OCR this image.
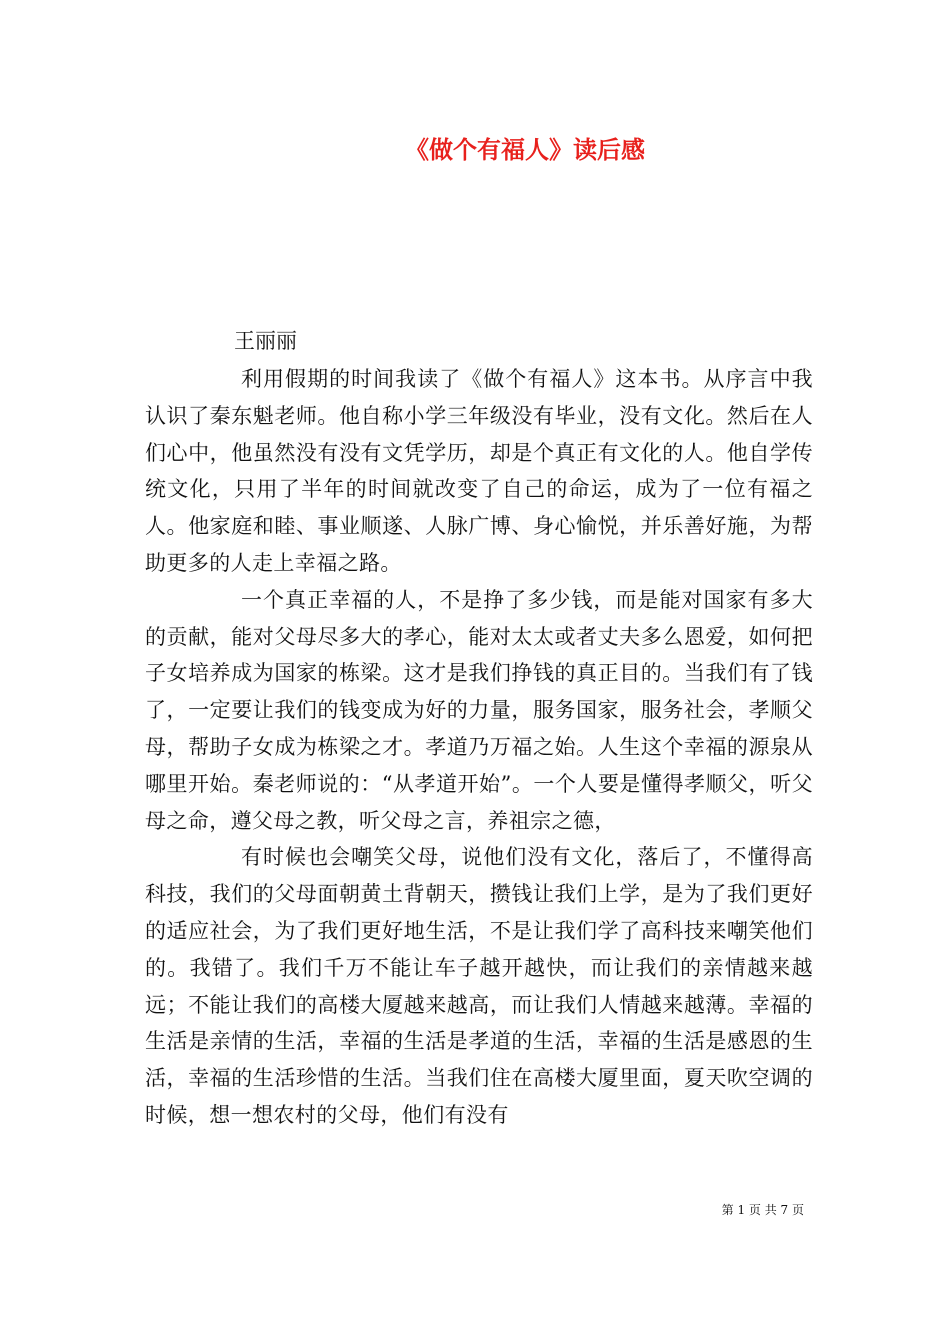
《做个有福人》读后感

王丽丽

利用假期的时间我读了《做个有福人》这本书。从序言中我认识了秦东魁老师。他自称小学三年级没有毕业，没有文化。然后在人们心中，他虽然没有没有文凭学历，却是个真正有文化的人。他自学传统文化，只用了半年的时间就改变了自己的命运，成为了一位有福之人。他家庭和睦、事业顺遂、人脉广博、身心愉悦，并乐善好施，为帮助更多的人走上幸福之路。

一个真正幸福的人，不是挣了多少钱，而是能对国家有多大的贡献，能对父母尽多大的孝心，能对太太或者丈夫多么恩爱，如何把子女培养成为国家的栋梁。这才是我们挣钱的真正目的。当我们有了钱了，一定要让我们的钱变成为好的力量，服务国家，服务社会，孝顺父母，帮助子女成为栋梁之才。孝道乃万福之始。人生这个幸福的源泉从哪里开始。秦老师说的：“从孝道开始”。一个人要是懂得孝顺父，听父母之命，遵父母之教，听父母之言，养祖宗之德，

有时候也会嘲笑父母，说他们没有文化，落后了，不懂得高科技，我们的父母面朝黄土背朝天，攒钱让我们上学，是为了我们更好的适应社会，为了我们更好地生活，不是让我们学了高科技来嘲笑他们的。我错了。我们千万不能让车子越开越快，而让我们的亲情越来越远；不能让我们的高楼大厦越来越高，而让我们人情越来越薄。幸福的生活是亲情的生活，幸福的生活是孝道的生活，幸福的生活是感恩的生活，幸福的生活珍惜的生活。当我们住在高楼大厦里面，夏天吹空调的时候，想一想农村的父母，他们有没有

第 1 页 共 7 页
